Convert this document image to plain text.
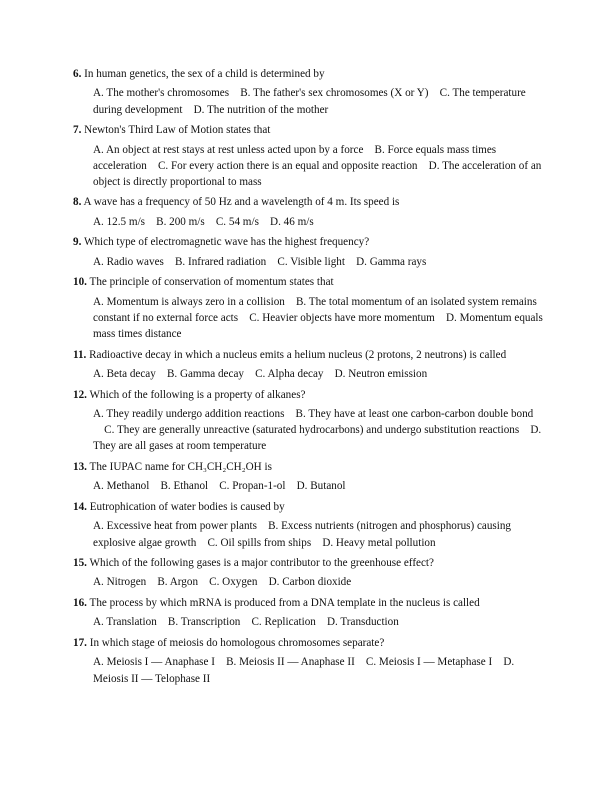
6. In human genetics, the sex of a child is determined by
A. The mother's chromosomes B. The father's sex chromosomes (X or Y) C. The temperature during development D. The nutrition of the mother
7. Newton's Third Law of Motion states that
A. An object at rest stays at rest unless acted upon by a force B. Force equals mass times acceleration C. For every action there is an equal and opposite reaction D. The acceleration of an object is directly proportional to mass
8. A wave has a frequency of 50 Hz and a wavelength of 4 m. Its speed is
A. 12.5 m/s B. 200 m/s C. 54 m/s D. 46 m/s
9. Which type of electromagnetic wave has the highest frequency?
A. Radio waves B. Infrared radiation C. Visible light D. Gamma rays
10. The principle of conservation of momentum states that
A. Momentum is always zero in a collision B. The total momentum of an isolated system remains constant if no external force acts C. Heavier objects have more momentum D. Momentum equals mass times distance
11. Radioactive decay in which a nucleus emits a helium nucleus (2 protons, 2 neutrons) is called
A. Beta decay B. Gamma decay C. Alpha decay D. Neutron emission
12. Which of the following is a property of alkanes?
A. They readily undergo addition reactions B. They have at least one carbon-carbon double bond    C. They are generally unreactive (saturated hydrocarbons) and undergo substitution reactions D. They are all gases at room temperature
13. The IUPAC name for CH₃CH₂CH₂OH is
A. Methanol B. Ethanol C. Propan-1-ol D. Butanol
14. Eutrophication of water bodies is caused by
A. Excessive heat from power plants B. Excess nutrients (nitrogen and phosphorus) causing explosive algae growth C. Oil spills from ships D. Heavy metal pollution
15. Which of the following gases is a major contributor to the greenhouse effect?
A. Nitrogen B. Argon C. Oxygen D. Carbon dioxide
16. The process by which mRNA is produced from a DNA template in the nucleus is called
A. Translation B. Transcription C. Replication D. Transduction
17. In which stage of meiosis do homologous chromosomes separate?
A. Meiosis I — Anaphase I B. Meiosis II — Anaphase II C. Meiosis I — Metaphase I D. Meiosis II — Telophase II
